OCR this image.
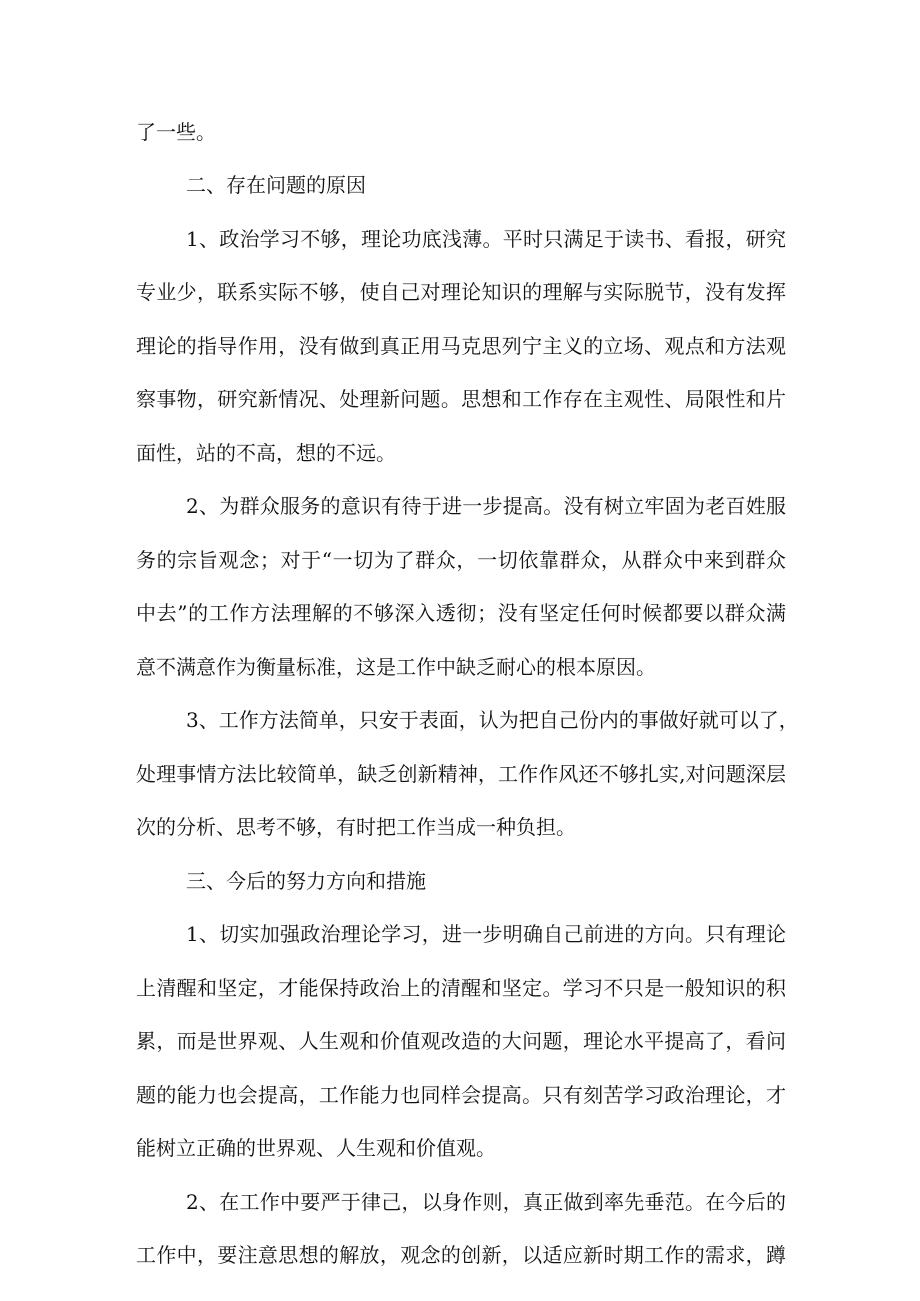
了一些。
二、存在问题的原因
1、政治学习不够，理论功底浅薄。平时只满足于读书、看报，研究
专业少，联系实际不够，使自己对理论知识的理解与实际脱节，没有发挥
理论的指导作用，没有做到真正用马克思列宁主义的立场、观点和方法观
察事物，研究新情况、处理新问题。思想和工作存在主观性、局限性和片
面性，站的不高，想的不远。
2、为群众服务的意识有待于进一步提高。没有树立牢固为老百姓服
务的宗旨观念；对于“一切为了群众，一切依靠群众，从群众中来到群众
中去”的工作方法理解的不够深入透彻；没有坚定任何时候都要以群众满
意不满意作为衡量标准，这是工作中缺乏耐心的根本原因。
3、工作方法简单，只安于表面，认为把自己份内的事做好就可以了，
处理事情方法比较简单，缺乏创新精神，工作作风还不够扎实,对问题深层
次的分析、思考不够，有时把工作当成一种负担。
三、今后的努力方向和措施
1、切实加强政治理论学习，进一步明确自己前进的方向。只有理论
上清醒和坚定，才能保持政治上的清醒和坚定。学习不只是一般知识的积
累，而是世界观、人生观和价值观改造的大问题，理论水平提高了，看问
题的能力也会提高，工作能力也同样会提高。只有刻苦学习政治理论，才
能树立正确的世界观、人生观和价值观。
2、在工作中要严于律己，以身作则，真正做到率先垂范。在今后的
工作中，要注意思想的解放，观念的创新，以适应新时期工作的需求，蹲
